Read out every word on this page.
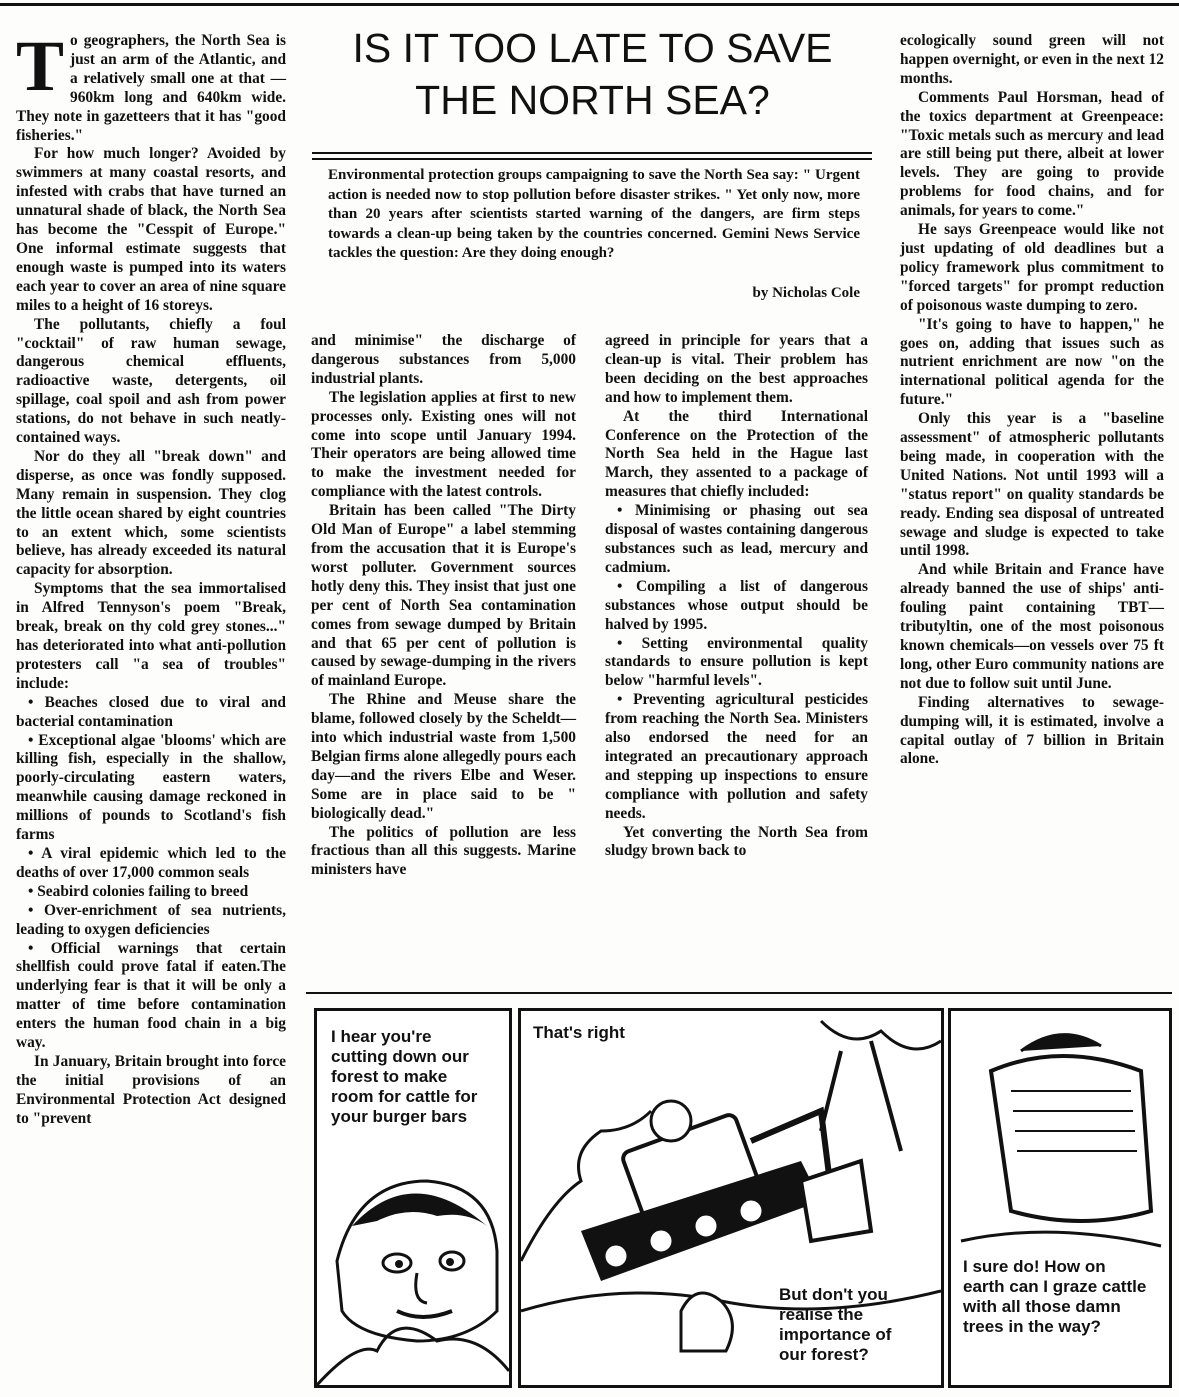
To geographers, the North Sea is just an arm of the Atlantic, and a relatively small one at that — 960km long and 640km wide. They note in gazetteers that it has "good fisheries."

For how much longer? Avoided by swimmers at many coastal resorts, and infested with crabs that have turned an unnatural shade of black, the North Sea has become the "Cesspit of Europe." One informal estimate suggests that enough waste is pumped into its waters each year to cover an area of nine square miles to a height of 16 storeys.

The pollutants, chiefly a foul "cocktail" of raw human sewage, dangerous chemical effluents, radioactive waste, detergents, oil spillage, coal spoil and ash from power stations, do not behave in such neatly-contained ways.

Nor do they all "break down" and disperse, as once was fondly supposed. Many remain in suspension. They clog the little ocean shared by eight countries to an extent which, some scientists believe, has already exceeded its natural capacity for absorption.

Symptoms that the sea immortalised in Alfred Tennyson's poem "Break, break, break on thy cold grey stones..." has deteriorated into what anti-pollution protesters call "a sea of troubles" include:

• Beaches closed due to viral and bacterial contamination

• Exceptional algae 'blooms' which are killing fish, especially in the shallow, poorly-circulating eastern waters, meanwhile causing damage reckoned in millions of pounds to Scotland's fish farms

• A viral epidemic which led to the deaths of over 17,000 common seals

• Seabird colonies failing to breed

• Over-enrichment of sea nutrients, leading to oxygen deficiencies

• Official warnings that certain shellfish could prove fatal if eaten.The underlying fear is that it will be only a matter of time before contamination enters the human food chain in a big way.

In January, Britain brought into force the initial provisions of an Environmental Protection Act designed to "prevent

IS IT TOO LATE TO SAVE
THE NORTH SEA?
Environmental protection groups campaigning to save the North Sea say: " Urgent action is needed now to stop pollution before disaster strikes. " Yet only now, more than 20 years after scientists started warning of the dangers, are firm steps towards a clean-up being taken by the countries concerned. Gemini News Service tackles the question: Are they doing enough?
by Nicholas Cole

and minimise" the discharge of dangerous substances from 5,000 industrial plants.

The legislation applies at first to new processes only. Existing ones will not come into scope until January 1994. Their operators are being allowed time to make the investment needed for compliance with the latest controls.

Britain has been called "The Dirty Old Man of Europe" a label stemming from the accusation that it is Europe's worst polluter. Government sources hotly deny this. They insist that just one per cent of North Sea contamination comes from sewage dumped by Britain and that 65 per cent of pollution is caused by sewage-dumping in the rivers of mainland Europe.

The Rhine and Meuse share the blame, followed closely by the Scheldt—into which industrial waste from 1,500 Belgian firms alone allegedly pours each day—and the rivers Elbe and Weser. Some are in place said to be " biologically dead."

The politics of pollution are less fractious than all this suggests. Marine ministers have

agreed in principle for years that a clean-up is vital. Their problem has been deciding on the best approaches and how to implement them.

At the third International Conference on the Protection of the North Sea held in the Hague last March, they assented to a package of measures that chiefly included:

• Minimising or phasing out sea disposal of wastes containing dangerous substances such as lead, mercury and cadmium.

• Compiling a list of dangerous substances whose output should be halved by 1995.

• Setting environmental quality standards to ensure pollution is kept below "harmful levels".

• Preventing agricultural pesticides from reaching the North Sea. Ministers also endorsed the need for an integrated an precautionary approach and stepping up inspections to ensure compliance with pollution and safety needs.

Yet converting the North Sea from sludgy brown back to

ecologically sound green will not happen overnight, or even in the next 12 months.

Comments Paul Horsman, head of the toxics department at Greenpeace: "Toxic metals such as mercury and lead are still being put there, albeit at lower levels. They are going to provide problems for food chains, and for animals, for years to come."

He says Greenpeace would like not just updating of old deadlines but a policy framework plus commitment to "forced targets" for prompt reduction of poisonous waste dumping to zero.

"It's going to have to happen," he goes on, adding that issues such as nutrient enrichment are now "on the international political agenda for the future."

Only this year is a "baseline assessment" of atmospheric pollutants being made, in cooperation with the United Nations. Not until 1993 will a "status report" on quality standards be ready. Ending sea disposal of untreated sewage and sludge is expected to take until 1998.

And while Britain and France have already banned the use of ships' anti-fouling paint containing TBT—tributyltin, one of the most poisonous known chemicals—on vessels over 75 ft long, other Euro community nations are not due to follow suit until June.

Finding alternatives to sewage-dumping will, it is estimated, involve a capital outlay of 7 billion in Britain alone.

I hear you're cutting down our forest to make room for cattle for your burger bars
That's right
But don't you realise the importance of our forest?
I sure do! How on earth can I graze cattle with all those damn trees in the way?
